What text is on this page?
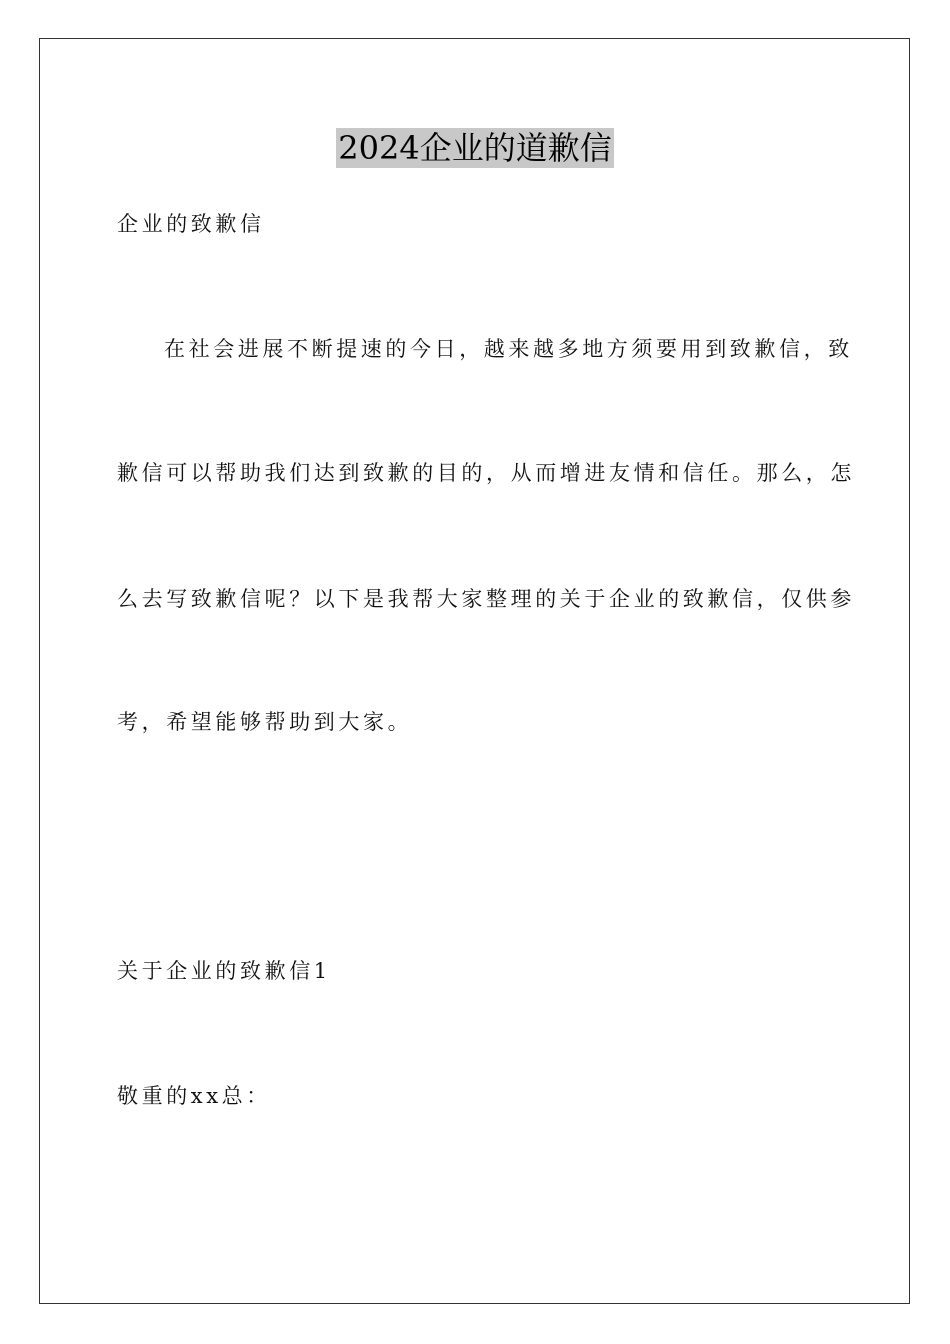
2024企业的道歉信
企业的致歉信
在社会进展不断提速的今日，越来越多地方须要用到致歉信，致
歉信可以帮助我们达到致歉的目的，从而增进友情和信任。那么，怎
么去写致歉信呢？以下是我帮大家整理的关于企业的致歉信，仅供参
考，希望能够帮助到大家。
关于企业的致歉信1
敬重的xx总：
